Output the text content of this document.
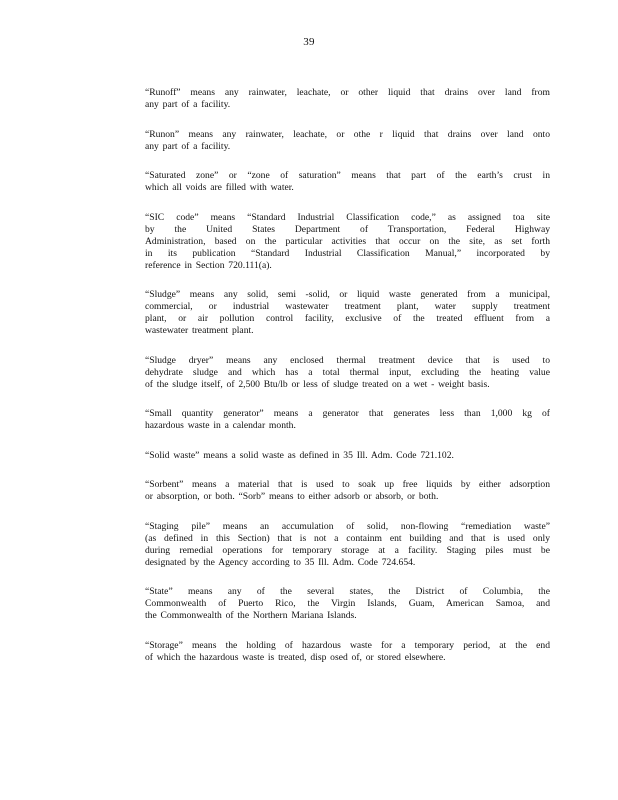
39
“Runoff” means any rainwater, leachate, or other liquid that drains over land from
any part of a facility.
“Runon” means any rainwater, leachate, or othe r liquid that drains over land onto
any part of a facility.
“Saturated zone” or “zone of saturation” means that part of the earth’s crust in
which all voids are filled with water.
“SIC code” means “Standard Industrial Classification code,” as assigned toa site
by the United States Department of Transportation, Federal Highway
Administration, based on the particular activities that occur on the site, as set forth
in its publication “Standard Industrial Classification Manual,” incorporated by
reference in Section 720.111(a).
“Sludge” means any solid, semi -solid, or liquid waste generated from a municipal,
commercial, or industrial wastewater treatment plant, water supply treatment
plant, or air pollution control facility, exclusive of the treated effluent from a
wastewater treatment plant.
“Sludge dryer” means any enclosed thermal treatment device that is used to
dehydrate sludge and which has a total thermal input, excluding the heating value
of the sludge itself, of 2,500 Btu/lb or less of sludge treated on a wet - weight basis.
“Small quantity generator” means a generator that generates less than 1,000 kg of
hazardous waste in a calendar month.
“Solid waste” means a solid waste as defined in 35 Ill. Adm. Code 721.102.
“Sorbent” means a material that is used to soak up free liquids by either adsorption
or absorption, or both. “Sorb” means to either adsorb or absorb, or both.
“Staging pile” means an accumulation of solid, non-flowing “remediation waste”
(as defined in this Section) that is not a containm ent building and that is used only
during remedial operations for temporary storage at a facility. Staging piles must be
designated by the Agency according to 35 Ill. Adm. Code 724.654.
“State” means any of the several states, the District of Columbia, the
Commonwealth of Puerto Rico, the Virgin Islands, Guam, American Samoa, and
the Commonwealth of the Northern Mariana Islands.
“Storage” means the holding of hazardous waste for a temporary period, at the end
of which the hazardous waste is treated, disp osed of, or stored elsewhere.
